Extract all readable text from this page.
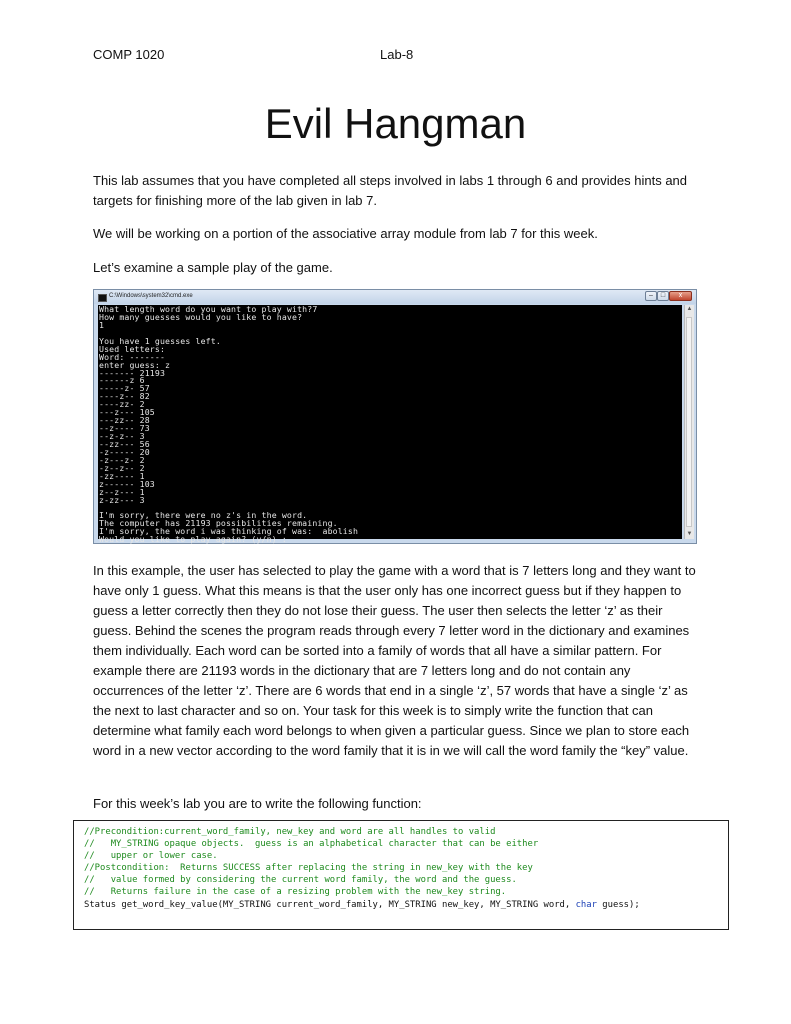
COMP 1020	Lab-8
Evil Hangman

This lab assumes that you have completed all steps involved in labs 1 through 6 and provides hints and targets for finishing more of the lab given in lab 7.

We will be working on a portion of the associative array module from lab 7 for this week.

Let’s examine a sample play of the game.

C:\Windows\system32\cmd.exe	–	□	x
What length word do you want to play with?7
How many guesses would you like to have?
1
You have 1 guesses left.
Used letters:
Word: -------
enter guess: z
------- 21193
------z 6
-----z- 57
----z-- 82
----zz- 2
---z--- 105
---zz-- 28
--z---- 73
--z-z-- 3
--zz--- 56
-z----- 20
-z---z- 2
-z--z-- 2
-zz---- 1
z------ 103
z--z--- 1
z-zz--- 3
I'm sorry, there were no z's in the word.
The computer has 21193 possibilities remaining.
I'm sorry, the word i was thinking of was:  abolish
Would you like to play again? (y/n) :
▲
▼

In this example, the user has selected to play the game with a word that is 7 letters long and they want to have only 1 guess. What this means is that the user only has one incorrect guess but if they happen to guess a letter correctly then they do not lose their guess. The user then selects the letter ‘z’ as their guess. Behind the scenes the program reads through every 7 letter word in the dictionary and examines them individually. Each word can be sorted into a family of words that all have a similar pattern. For example there are 21193 words in the dictionary that are 7 letters long and do not contain any occurrences of the letter ‘z’. There are 6 words that end in a single ‘z’, 57 words that have a single ‘z’ as the next to last character and so on. Your task for this week is to simply write the function that can determine what family each word belongs to when given a particular guess. Since we plan to store each word in a new vector according to the word family that it is in we will call the word family the “key” value.

For this week’s lab you are to write the following function:

//Precondition:current_word_family, new_key and word are all handles to valid
//   MY_STRING opaque objects.  guess is an alphabetical character that can be either
//   upper or lower case.
//Postcondition:  Returns SUCCESS after replacing the string in new_key with the key
//   value formed by considering the current word family, the word and the guess.
//   Returns failure in the case of a resizing problem with the new_key string.
Status get_word_key_value(MY_STRING current_word_family, MY_STRING new_key, MY_STRING word, char guess);
